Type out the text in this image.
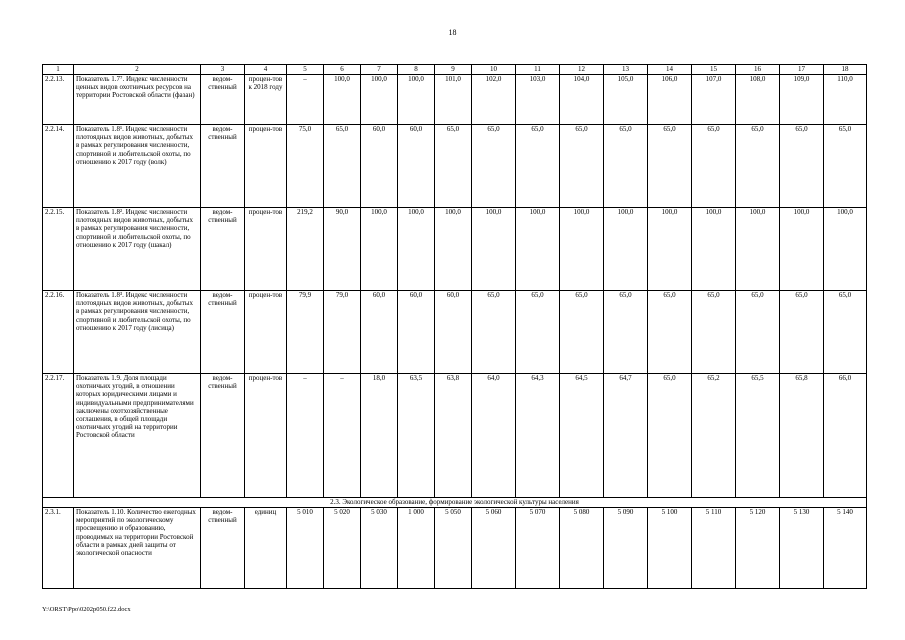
18
1	2	3	4	5	6	7	8	9	10	11	12	13	14	15	16	17	18
2.2.13.	Показатель 1.7⁷. Индекс численности ценных видов охотничьих ресурсов на территории Ростовской области (фазан)	ведом-ственный	процен-тов к 2018 году	–	100,0	100,0	100,0	101,0	102,0	103,0	104,0	105,0	106,0	107,0	108,0	109,0	110,0
2.2.14.	Показатель 1.8¹. Индекс численности плотоядных видов животных, добытых в рамках регулирования численности, спортивной и любительской охоты, по отношению к 2017 году (волк)	ведом-ственный	процен-тов	75,0	65,0	60,0	60,0	65,0	65,0	65,0	65,0	65,0	65,0	65,0	65,0	65,0	65,0
2.2.15.	Показатель 1.8². Индекс численности плотоядных видов животных, добытых в рамках регулирования численности, спортивной и любительской охоты, по отношению к 2017 году (шакал)	ведом-ственный	процен-тов	219,2	90,0	100,0	100,0	100,0	100,0	100,0	100,0	100,0	100,0	100,0	100,0	100,0	100,0
2.2.16.	Показатель 1.8³. Индекс численности плотоядных видов животных, добытых в рамках регулирования численности, спортивной и любительской охоты, по отношению к 2017 году (лисица)	ведом-ственный	процен-тов	79,9	79,0	60,0	60,0	60,0	65,0	65,0	65,0	65,0	65,0	65,0	65,0	65,0	65,0
2.2.17.	Показатель 1.9. Доля площади охотничьих угодий, в отношении которых юридическими лицами и индивидуальными предпринимателями заключены охотхозяйственные соглашения, в общей площади охотничьих угодий на территории Ростовской области	ведом-ственный	процен-тов	–	–	18,0	63,5	63,8	64,0	64,3	64,5	64,7	65,0	65,2	65,5	65,8	66,0
2.3. Экологическое образование, формирование экологической культуры населения																	
2.3.1.	Показатель 1.10. Количество ежегодных мероприятий по экологическому просвещению и образованию, проводимых на территории Ростовской области в рамках дней защиты от экологической опасности	ведом-ственный	единиц	5 010	5 020	5 030	1 000	5 050	5 060	5 070	5 080	5 090	5 100	5 110	5 120	5 130	5 140
Y:\ORST\Ppo\0202p050.f22.docx
